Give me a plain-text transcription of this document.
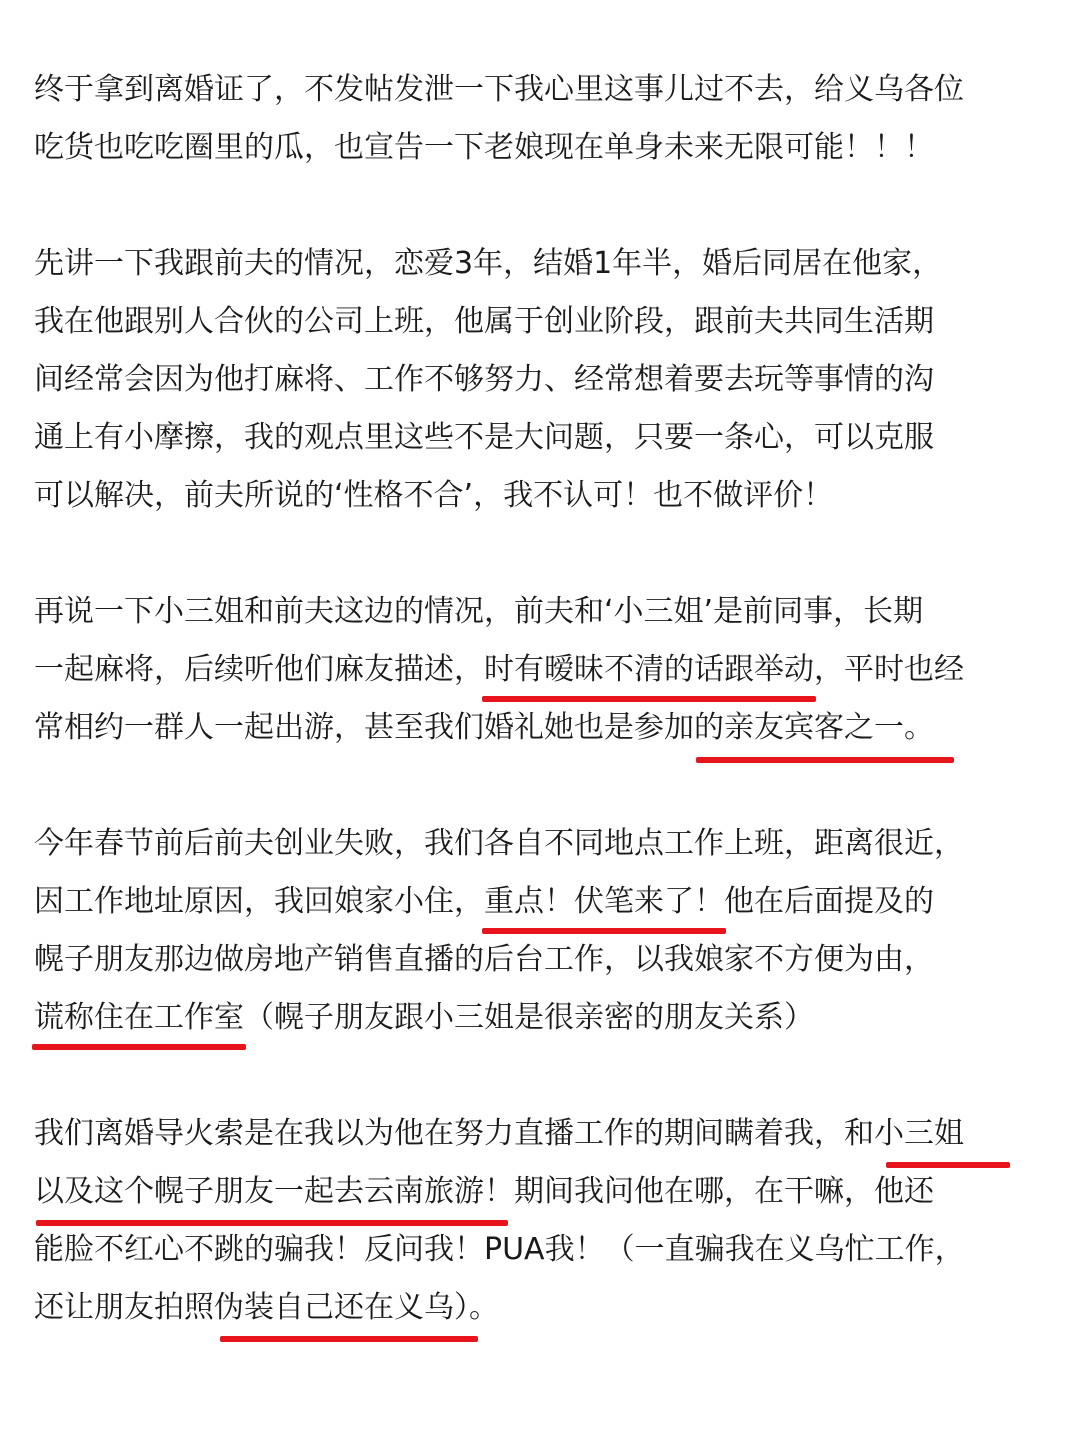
终于拿到离婚证了，不发帖发泄一下我心里这事儿过不去，给义乌各位
吃货也吃吃圈里的瓜，也宣告一下老娘现在单身未来无限可能！！！
先讲一下我跟前夫的情况，恋爱3年，结婚1年半，婚后同居在他家，
我在他跟别人合伙的公司上班，他属于创业阶段，跟前夫共同生活期
间经常会因为他打麻将、工作不够努力、经常想着要去玩等事情的沟
通上有小摩擦，我的观点里这些不是大问题，只要一条心，可以克服
可以解决，前夫所说的‘性格不合’，我不认可！也不做评价！
再说一下小三姐和前夫这边的情况，前夫和‘小三姐’是前同事，长期
一起麻将，后续听他们麻友描述，时有暧昧不清的话跟举动，平时也经
常相约一群人一起出游，甚至我们婚礼她也是参加的亲友宾客之一。
今年春节前后前夫创业失败，我们各自不同地点工作上班，距离很近，
因工作地址原因，我回娘家小住，重点！伏笔来了！他在后面提及的
幌子朋友那边做房地产销售直播的后台工作，以我娘家不方便为由，
谎称住在工作室（幌子朋友跟小三姐是很亲密的朋友关系）
我们离婚导火索是在我以为他在努力直播工作的期间瞒着我，和小三姐
以及这个幌子朋友一起去云南旅游！期间我问他在哪，在干嘛，他还
能脸不红心不跳的骗我！反问我！PUA我！（一直骗我在义乌忙工作，
还让朋友拍照伪装自己还在义乌）。
